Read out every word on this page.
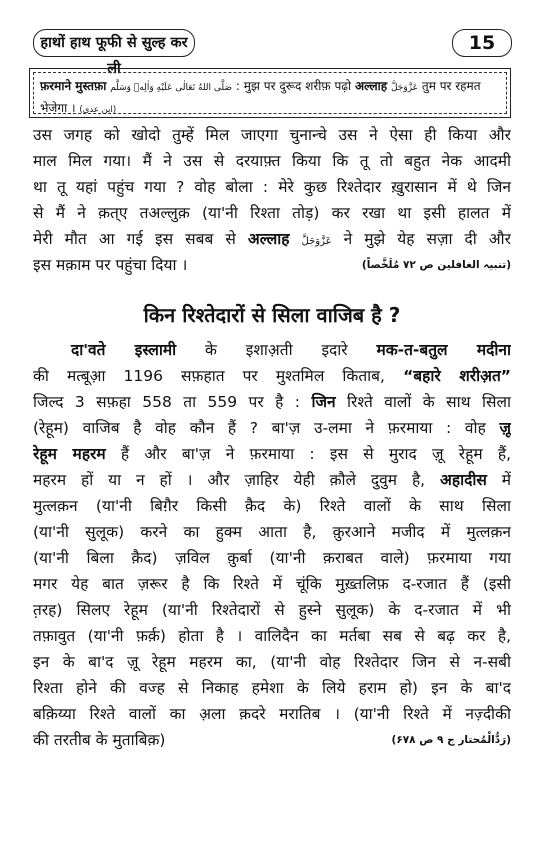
हाथों हाथ फूफी से सुल्ह कर ली
15
फ़रमाने मुस्तफ़ा صَلَّى اللهُ تَعَالٰی عَلَيْهِ وَاٰلِهٖ وَسَلَّم : मुझ पर दुरूद शरीफ़ पढ़ो अल्लाह عَزَّوَجَلَّ तुम पर रहमत
भेजेगा । (ابن عدی)
उस जगह को खोदो तुम्हें मिल जाएगा चुनान्चे उस ने ऐसा ही किया और
माल मिल गया। मैं ने उस से दरयाफ़्त किया कि तू तो बहुत नेक आदमी
था तू यहां पहुंच गया ? वोह बोला : मेरे कुछ रिश्तेदार ख़ुरासान में थे जिन
से मैं ने क़त्ए तअल्लुक़ (या'नी रिश्ता तोड़) कर रखा था इसी हालत में
मेरी मौत आ गई इस सबब से अल्लाह عَزَّوَجَلَّ ने मुझे येह सज़ा दी और
इस मक़ाम पर पहुंचा दिया ।	(تنبیہ الغافلین ص ۷۲ مُلَخَّصاً)
किन रिश्तेदारों से सिला वाजिब है ?
दा'वते इस्लामी के इशाअ़ती इदारे मक-त-बतुल मदीना
की मत्बूआ़ 1196 सफ़हात पर मुश्तमिल किताब, “बहारे शरीअ़त”
जिल्द 3 सफ़हा 558 ता 559 पर है : जिन रिश्ते वालों के साथ सिला
(रेहूम) वाजिब है वोह कौन हैं ? बा'ज़ उ-लमा ने फ़रमाया : वोह ज़ू
रेहूम महरम हैं और बा'ज़ ने फ़रमाया : इस से मुराद ज़ू रेहूम हैं,
महरम हों या न हों । और ज़ाहिर येही क़ौले दुवुम है, अहादीस में
मुत्लक़न (या'नी बिग़ैर किसी क़ैद के) रिश्ते वालों के साथ सिला
(या'नी सुलूक) करने का हुक्म आता है, क़ुरआने मजीद में मुत्लक़न
(या'नी बिला क़ैद) ज़विल क़ुर्बा (या'नी क़राबत वाले) फ़रमाया गया
मगर येह बात ज़रूर है कि रिश्ते में चूंकि मुख़्तलिफ़ द-रजात हैं (इसी
त़रह) सिलए रेहूम (या'नी रिश्तेदारों से हुस्ने सुलूक) के द-रजात में भी
तफ़ावुत (या'नी फ़र्क़) होता है । वालिदैन का मर्तबा सब से बढ़ कर है,
इन के बा'द ज़ू रेहूम महरम का, (या'नी वोह रिश्तेदार जिन से न-सबी
रिश्ता होने की वज्ह से निकाह हमेशा के लिये हराम हो) इन के बा'द
बक़िय्या रिश्ते वालों का अ़ला क़दरे मरातिब । (या'नी रिश्ते में नज़्दीकी
की तरतीब के मुताबिक़)	(رَدُّالْمُحتار ج ۹ ص ۶۷۸)
